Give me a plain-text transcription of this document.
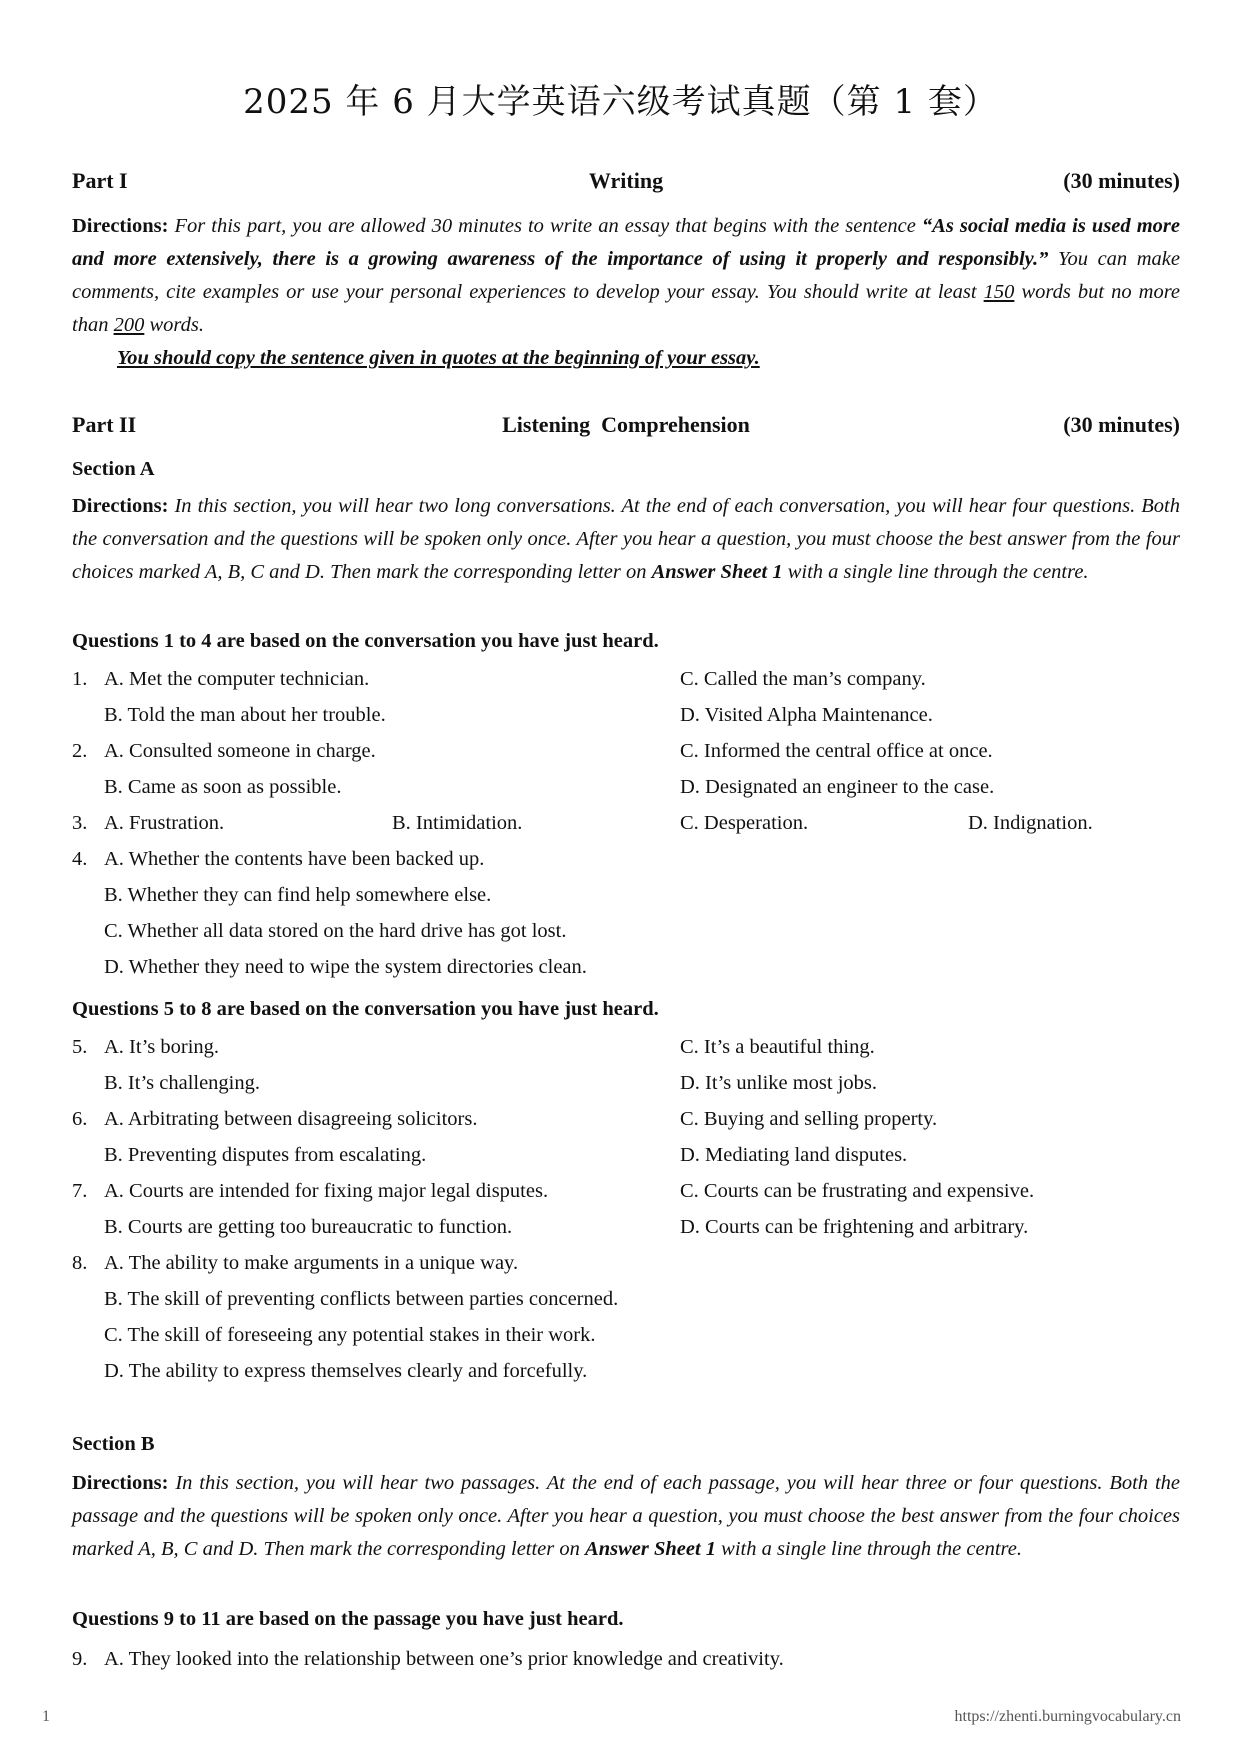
2025 年 6 月大学英语六级考试真题（第 1 套）
Part I	Writing	(30 minutes)
Directions: For this part, you are allowed 30 minutes to write an essay that begins with the sentence “As social media is used more and more extensively, there is a growing awareness of the importance of using it properly and responsibly.” You can make comments, cite examples or use your personal experiences to develop your essay. You should write at least 150 words but no more than 200 words.
You should copy the sentence given in quotes at the beginning of your essay.
Part II	Listening  Comprehension	(30 minutes)
Section A
Directions: In this section, you will hear two long conversations. At the end of each conversation, you will hear four questions. Both the conversation and the questions will be spoken only once. After you hear a question, you must choose the best answer from the four choices marked A, B, C and D. Then mark the corresponding letter on Answer Sheet 1 with a single line through the centre.
Questions 1 to 4 are based on the conversation you have just heard.
1. A. Met the computer technician.	C. Called the man’s company.
B. Told the man about her trouble.	D. Visited Alpha Maintenance.
2. A. Consulted someone in charge.	C. Informed the central office at once.
B. Came as soon as possible.	D. Designated an engineer to the case.
3. A. Frustration.	B. Intimidation.	C. Desperation.	D. Indignation.
4. A. Whether the contents have been backed up.
B. Whether they can find help somewhere else.
C. Whether all data stored on the hard drive has got lost.
D. Whether they need to wipe the system directories clean.
Questions 5 to 8 are based on the conversation you have just heard.
5. A. It’s boring.	C. It’s a beautiful thing.
B. It’s challenging.	D. It’s unlike most jobs.
6. A. Arbitrating between disagreeing solicitors.	C. Buying and selling property.
B. Preventing disputes from escalating.	D. Mediating land disputes.
7. A. Courts are intended for fixing major legal disputes.	C. Courts can be frustrating and expensive.
B. Courts are getting too bureaucratic to function.	D. Courts can be frightening and arbitrary.
8. A. The ability to make arguments in a unique way.
B. The skill of preventing conflicts between parties concerned.
C. The skill of foreseeing any potential stakes in their work.
D. The ability to express themselves clearly and forcefully.
Section B
Directions: In this section, you will hear two passages. At the end of each passage, you will hear three or four questions. Both the passage and the questions will be spoken only once. After you hear a question, you must choose the best answer from the four choices marked A, B, C and D. Then mark the corresponding letter on Answer Sheet 1 with a single line through the centre.
Questions 9 to 11 are based on the passage you have just heard.
9. A. They looked into the relationship between one’s prior knowledge and creativity.
1	https://zhenti.burningvocabulary.cn
